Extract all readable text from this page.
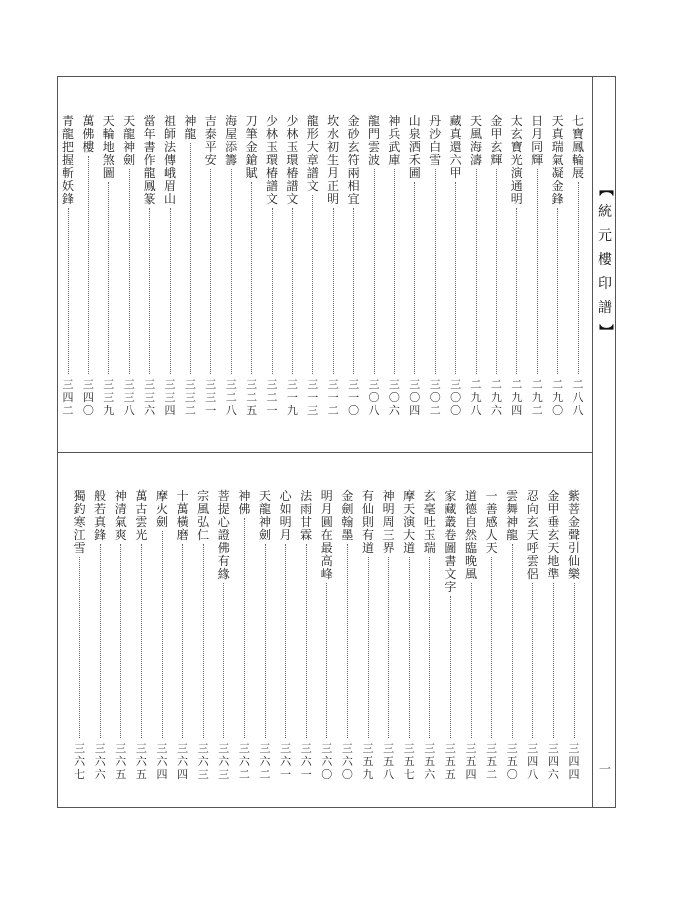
【
統元樓印譜
】
一
七寶鳳輪展
二八八
天真瑞氣凝金鋒
二九〇
日月同輝
二九二
太玄寶光演通明
二九四
金甲玄輝
二九六
天風海濤
二九八
藏真還六甲
三〇〇
丹沙白雪
三〇二
山泉洒禾圃
三〇四
神兵武庫
三〇六
龍門雲波
三〇八
金砂玄符兩相宜
三一〇
坎水初生月正明
三一二
龍形大章譜文
三一三
少林玉環椿譜文
三一九
少林玉環椿譜文
三二一
刀筆金鎗賦
三二五
海屋添籌
三二八
吉泰平安
三三一
神龍
三三二
祖師法傳峨眉山
三三四
當年書作龍鳳篆
三三六
天龍神劍
三三八
天輪地煞圖
三三九
萬佛樓
三四〇
青龍把握斬妖鋒
三四二
紫菩金聲引仙樂
三四四
金甲垂玄天地準
三四六
忍向玄天呼雲侶
三四八
雲舞神龍
三五〇
一善感人天
三五二
道德自然臨晚風
三五四
家藏叢卷圖書文字
三五五
玄毫吐玉瑞
三五六
摩天演大道
三五七
神明周三界
三五八
有仙則有道
三五九
金劍翰墨
三六〇
明月圓在最高峰
三六〇
法雨甘霖
三六一
心如明月
三六一
天龍神劍
三六二
神 佛
三六二
菩提心證佛有緣
三六三
宗風弘仁
三六三
十萬橫磨
三六四
摩火劍
三六四
萬古雲光
三六五
神清氣爽
三六五
般若真鋒
三六六
獨釣寒江雪
三六七
